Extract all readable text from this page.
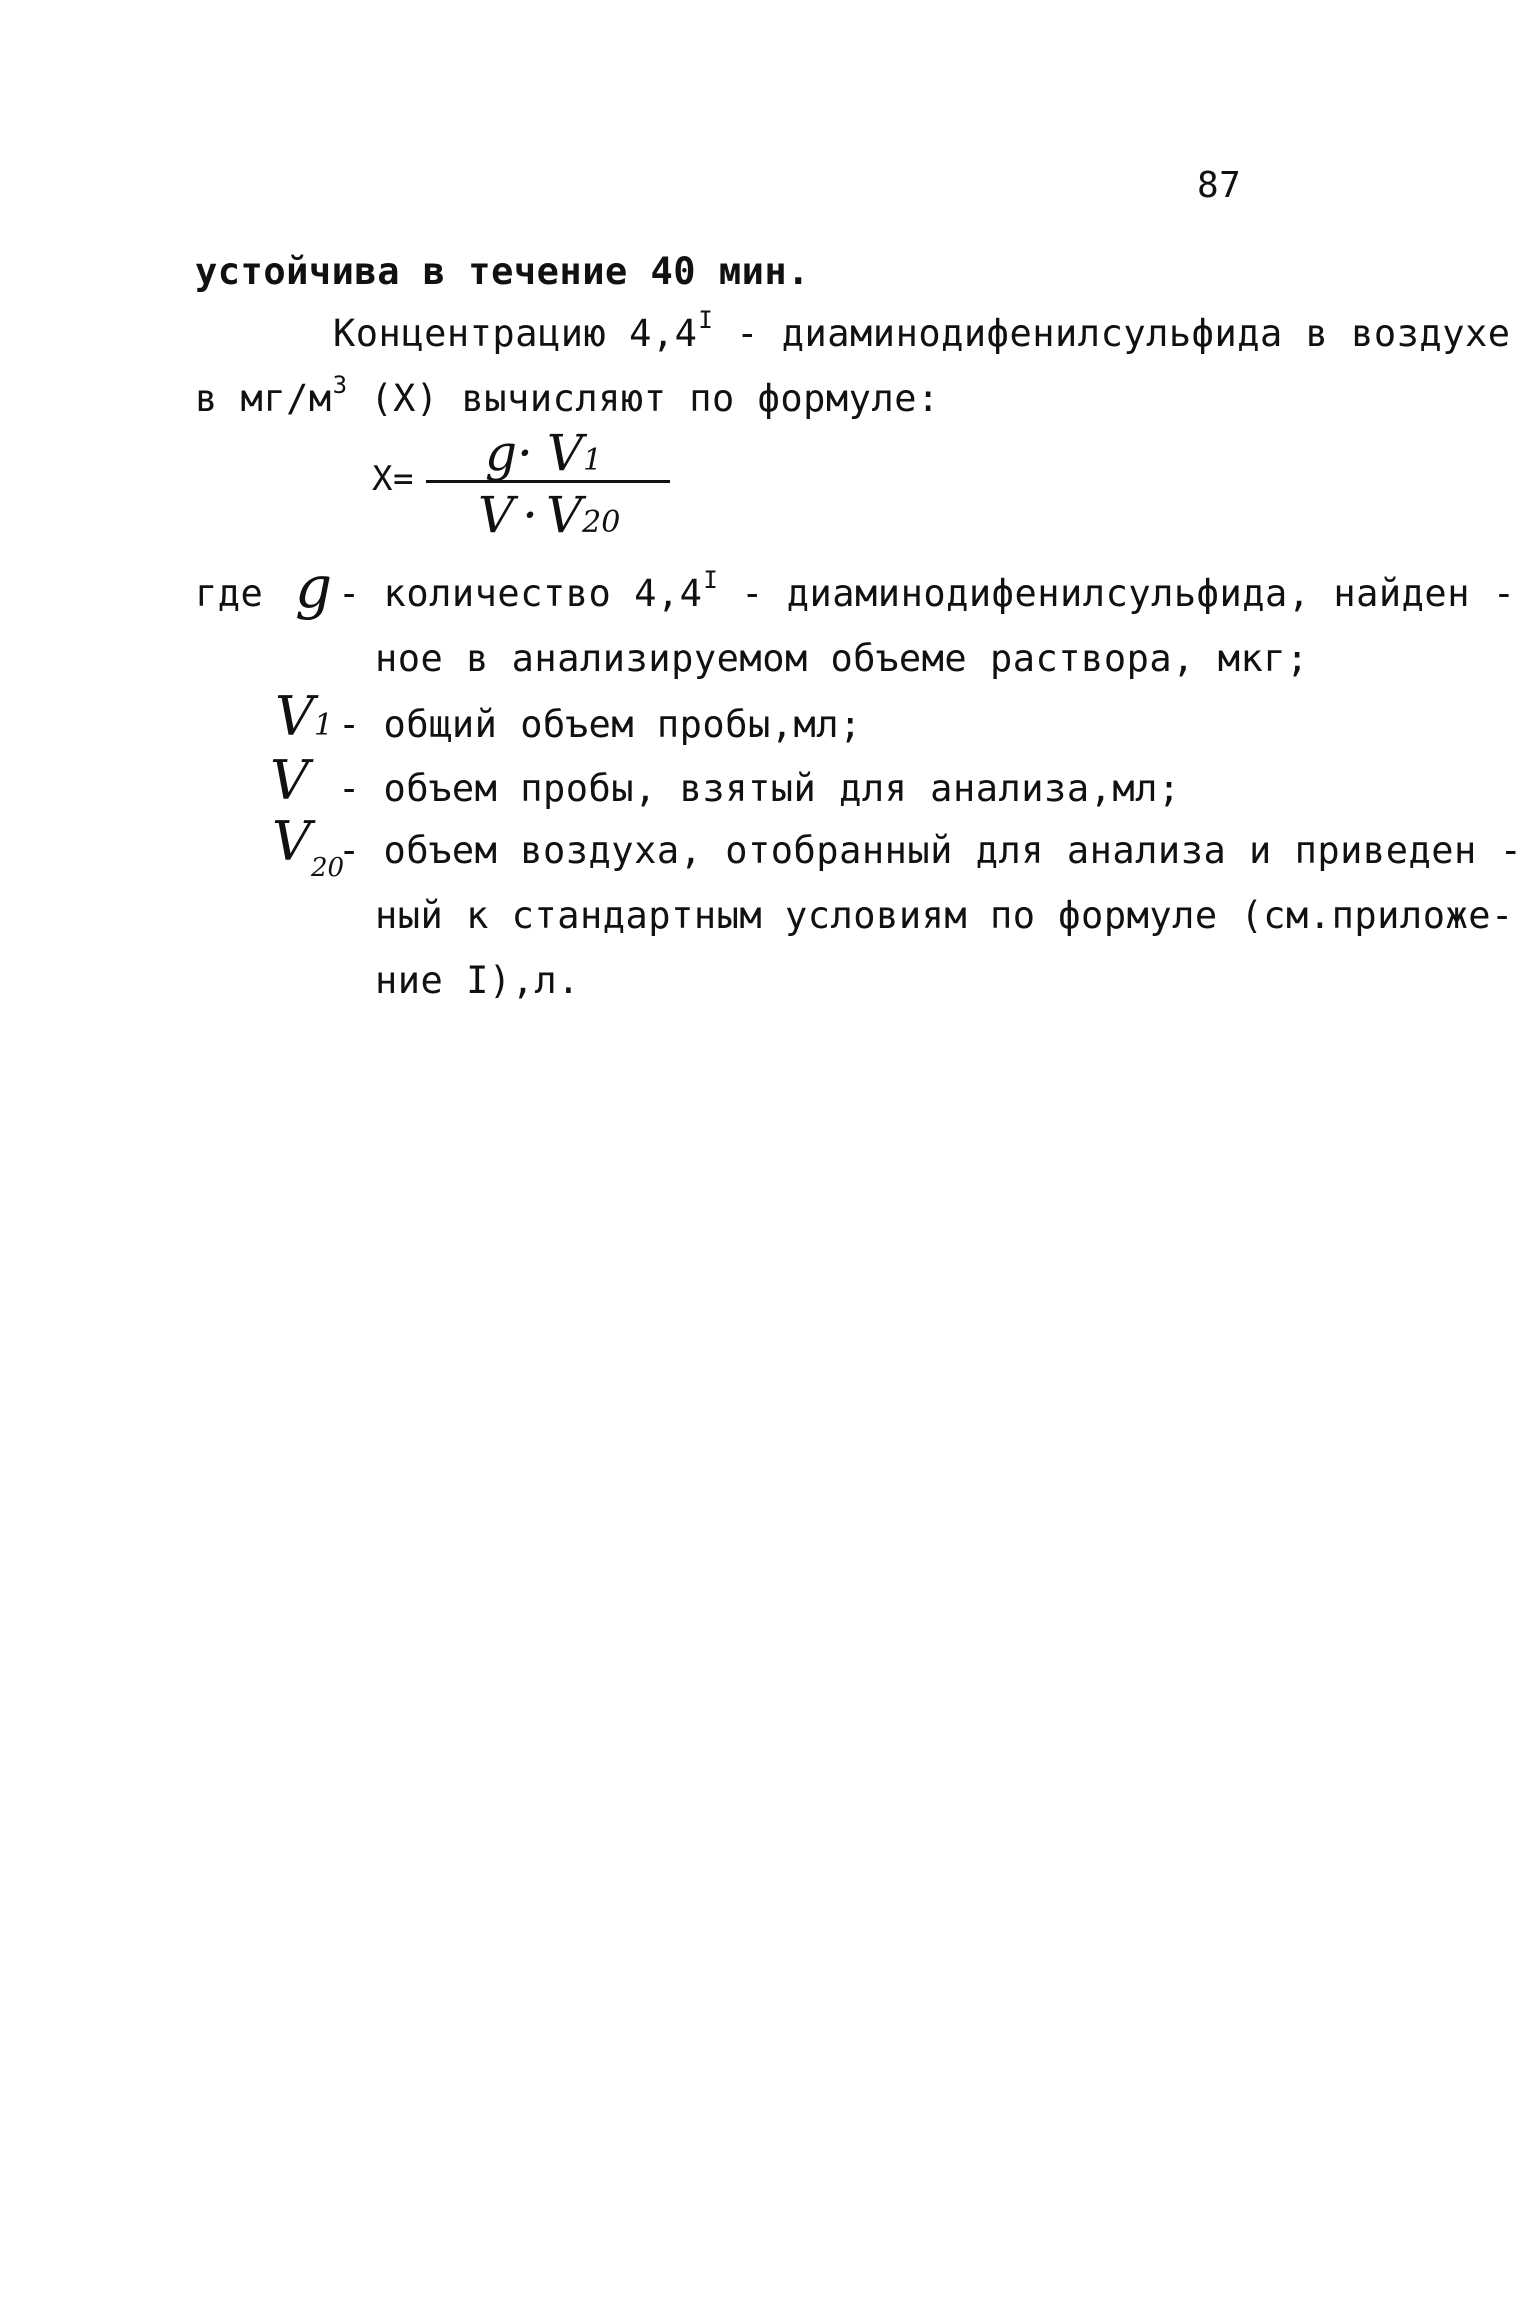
87
устойчива в течение 40 мин.
Концентрацию $4,4^I$ - диаминодифенилсульфида в воздухе
в $мг/м^3$ (X) вычисляют по формуле:
X= g· V1
V · V20
где g - количество $4,4^I$ - диаминодифенилсульфида, найден -
ное в анализируемом объеме раствора, мкг;
V1 - общий объем пробы,мл;
V - объем пробы, взятый для анализа,мл;
$V_{20}$
- объем воздуха, отобранный для анализа и приведен -
ный к стандартным условиям по формуле (см.приложе-
ние I),л.
